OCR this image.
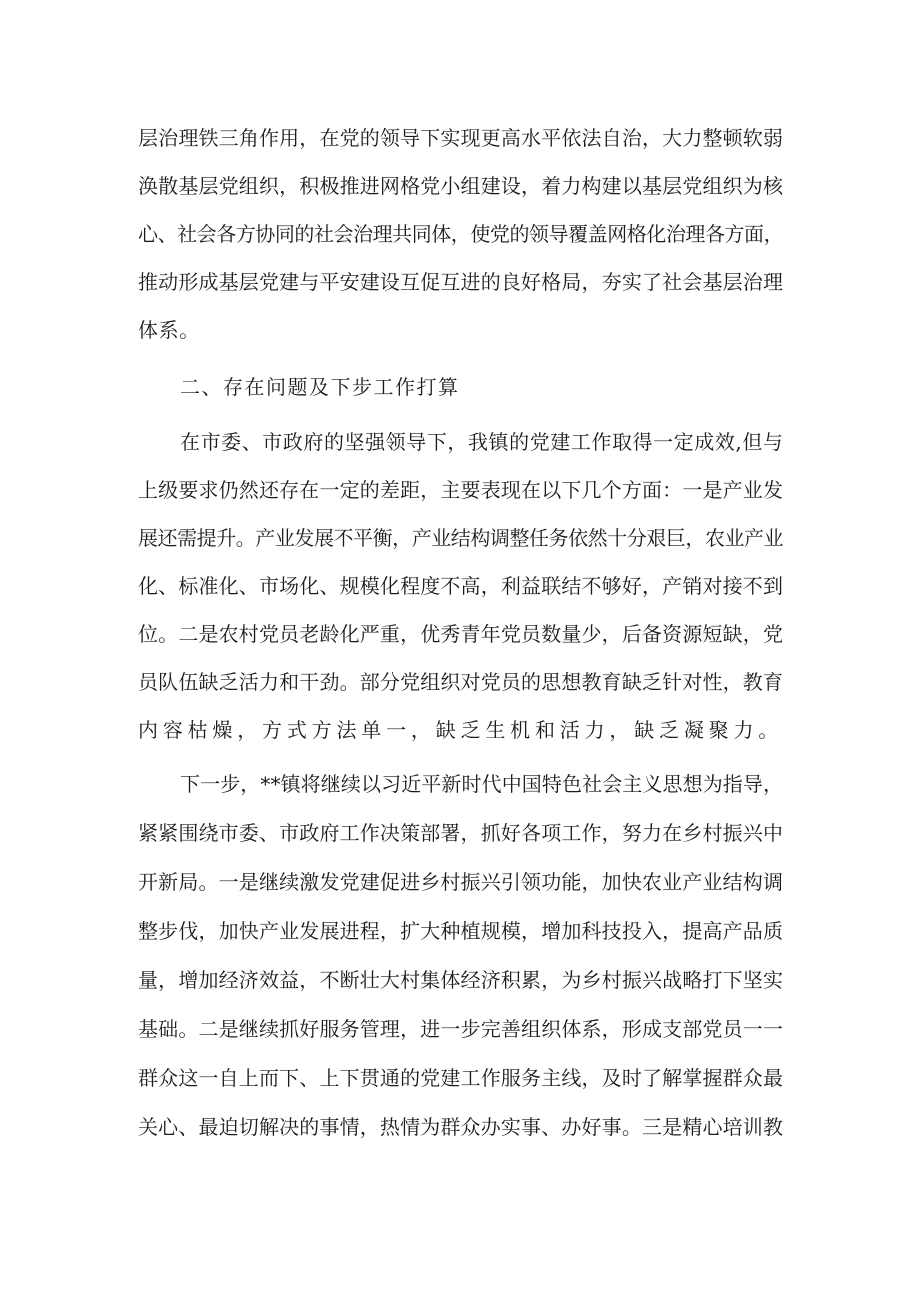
层治理铁三角作用，在党的领导下实现更高水平依法自治，大力整顿软弱
涣散基层党组织，积极推进网格党小组建设，着力构建以基层党组织为核
心、社会各方协同的社会治理共同体，使党的领导覆盖网格化治理各方面，
推动形成基层党建与平安建设互促互进的良好格局，夯实了社会基层治理
体系。
二、存在问题及下步工作打算
在市委、市政府的坚强领导下，我镇的党建工作取得一定成效,但与
上级要求仍然还存在一定的差距，主要表现在以下几个方面：一是产业发
展还需提升。产业发展不平衡，产业结构调整任务依然十分艰巨，农业产业
化、标准化、市场化、规模化程度不高，利益联结不够好，产销对接不到
位。二是农村党员老龄化严重，优秀青年党员数量少，后备资源短缺，党
员队伍缺乏活力和干劲。部分党组织对党员的思想教育缺乏针对性，教育
内容枯燥，方式方法单一，缺乏生机和活力，缺乏凝聚力。
下一步，**镇将继续以习近平新时代中国特色社会主义思想为指导，
紧紧围绕市委、市政府工作决策部署，抓好各项工作，努力在乡村振兴中
开新局。一是继续激发党建促进乡村振兴引领功能，加快农业产业结构调
整步伐，加快产业发展进程，扩大种植规模，增加科技投入，提高产品质
量，增加经济效益，不断壮大村集体经济积累，为乡村振兴战略打下坚实
基础。二是继续抓好服务管理，进一步完善组织体系，形成支部党员一一
群众这一自上而下、上下贯通的党建工作服务主线，及时了解掌握群众最
关心、最迫切解决的事情，热情为群众办实事、办好事。三是精心培训教
